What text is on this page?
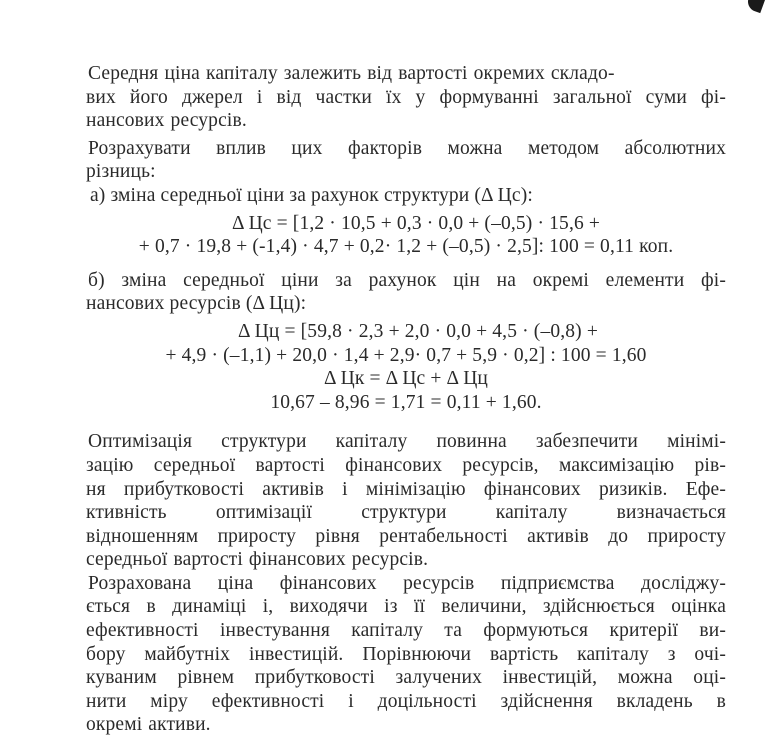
Середня ціна капіталу залежить від вартості окремих складо-
вих його джерел і від частки їх у формуванні загальної суми фі-
нансових ресурсів.
Розрахувати вплив цих факторів можна методом абсолютних
різниць:
а) зміна середньої ціни за рахунок структури (Δ Цс):
Δ Цс = [1,2 · 10,5 + 0,3 · 0,0 + (–0,5) · 15,6 +
+ 0,7 · 19,8 + (-1,4) · 4,7 + 0,2· 1,2 + (–0,5) · 2,5]: 100 = 0,11 коп.
б) зміна середньої ціни за рахунок цін на окремі елементи фі-
нансових ресурсів (Δ Цц):
Δ Цц = [59,8 · 2,3 + 2,0 · 0,0 + 4,5 · (–0,8) +
+ 4,9 · (–1,1) + 20,0 · 1,4 + 2,9· 0,7 + 5,9 · 0,2] : 100 = 1,60
Δ Цк = Δ Цс + Δ Цц
10,67 – 8,96 = 1,71 = 0,11 + 1,60.
Оптимізація структури капіталу повинна забезпечити мінімі-
зацію середньої вартості фінансових ресурсів, максимізацію рів-
ня прибутковості активів і мінімізацію фінансових ризиків. Ефе-
ктивність оптимізації структури капіталу визначається
відношенням приросту рівня рентабельності активів до приросту
середньої вартості фінансових ресурсів.
Розрахована ціна фінансових ресурсів підприємства досліджу-
ється в динаміці і, виходячи із її величини, здійснюється оцінка
ефективності інвестування капіталу та формуються критерії ви-
бору майбутніх інвестицій. Порівнюючи вартість капіталу з очі-
куваним рівнем прибутковості залучених інвестицій, можна оці-
нити міру ефективності і доцільності здійснення вкладень в
окремі активи.
